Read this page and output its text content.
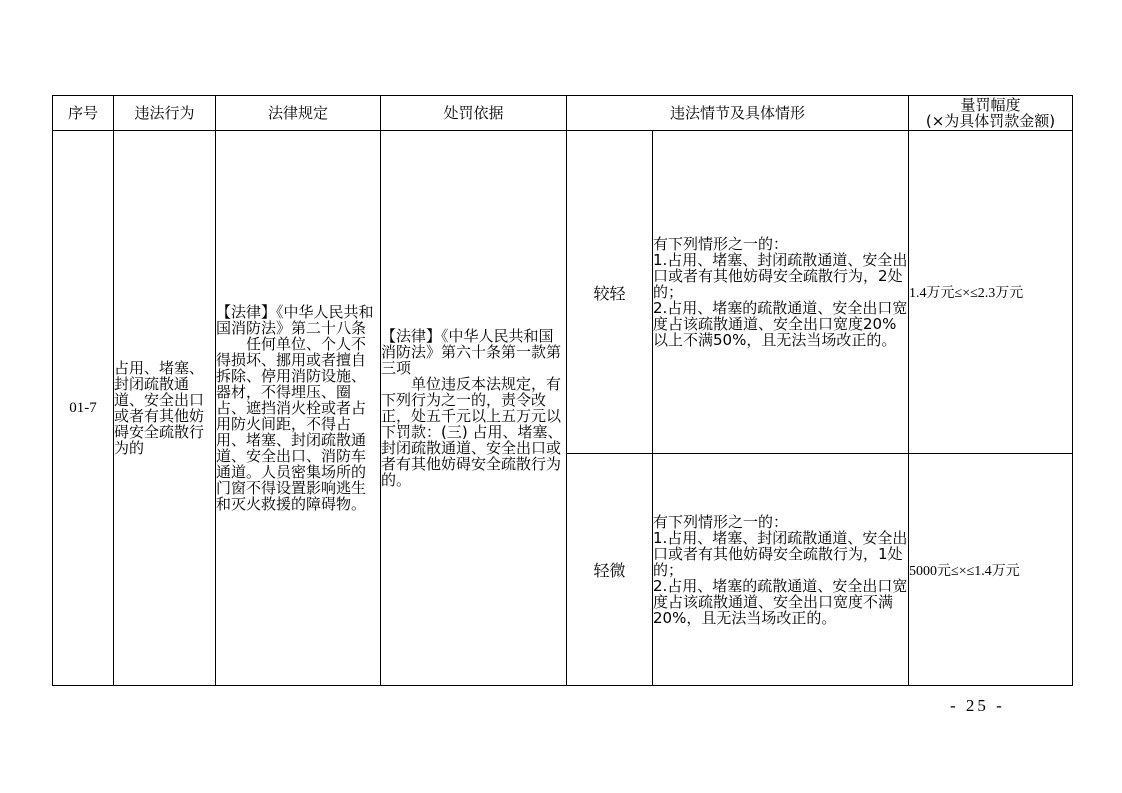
序号	违法行为	法律规定	处罚依据	违法情节及具体情形		量罚幅度
(×为具体罚款金额)

01-7	占用、堵塞、封闭疏散通道、安全出口或者有其他妨碍安全疏散行为的	【法律】《中华人民共和国消防法》第二十八条
任何单位、个人不得损坏、挪用或者擅自拆除、停用消防设施、器材，不得埋压、圈占、遮挡消火栓或者占用防火间距，不得占用、堵塞、封闭疏散通道、安全出口、消防车通道。人员密集场所的门窗不得设置影响逃生和灭火救援的障碍物。	【法律】《中华人民共和国消防法》第六十条第一款第三项
单位违反本法规定，有下列行为之一的，责令改正，处五千元以上五万元以下罚款：(三) 占用、堵塞、封闭疏散通道、安全出口或者有其他妨碍安全疏散行为的。	较轻	有下列情形之一的：
1.占用、堵塞、封闭疏散通道、安全出口或者有其他妨碍安全疏散行为，2处的；
2.占用、堵塞的疏散通道、安全出口宽度占该疏散通道、安全出口宽度20%以上不满50%，且无法当场改正的。	1.4万元≤×≤2.3万元
				轻微	有下列情形之一的：
1.占用、堵塞、封闭疏散通道、安全出口或者有其他妨碍安全疏散行为，1处的；
2.占用、堵塞的疏散通道、安全出口宽度占该疏散通道、安全出口宽度不满20%，且无法当场改正的。	5000元≤×≤1.4万元
- 25 -
